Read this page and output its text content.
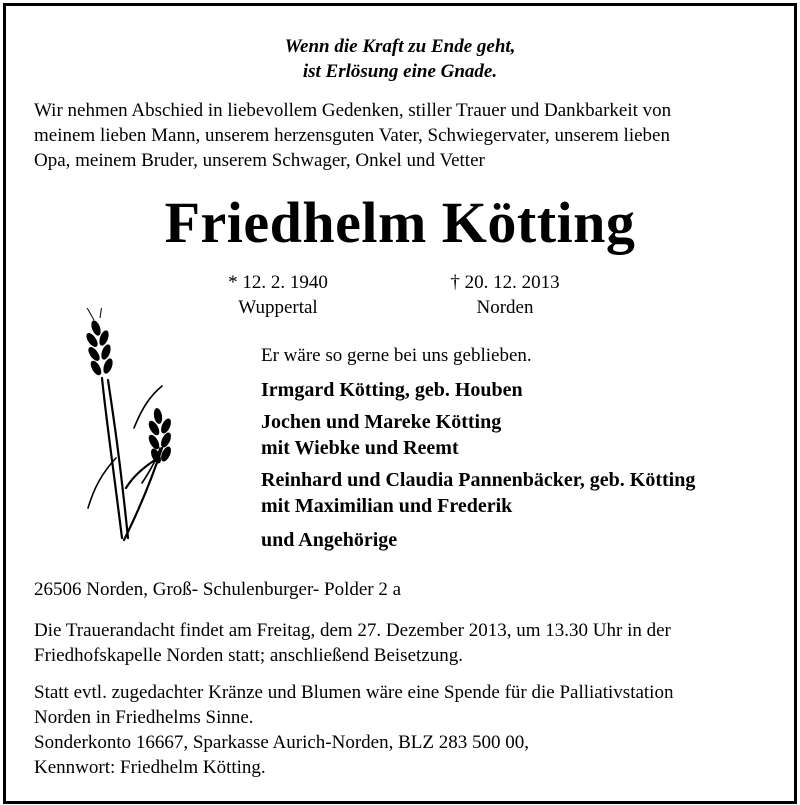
Wenn die Kraft zu Ende geht,
ist Erlösung eine Gnade.
Wir nehmen Abschied in liebevollem Gedenken, stiller Trauer und Dankbarkeit von
meinem lieben Mann, unserem herzensguten Vater, Schwiegervater, unserem lieben
Opa, meinem Bruder, unserem Schwager, Onkel und Vetter
Friedhelm Kötting
* 12. 2. 1940
Wuppertal
† 20. 12. 2013
Norden
Er wäre so gerne bei uns geblieben.
Irmgard Kötting, geb. Houben
Jochen und Mareke Kötting
mit Wiebke und Reemt
Reinhard und Claudia Pannenbäcker, geb. Kötting
mit Maximilian und Frederik
und Angehörige
26506 Norden, Groß- Schulenburger- Polder 2 a
Die Trauerandacht findet am Freitag, dem 27. Dezember 2013, um 13.30 Uhr in der
Friedhofskapelle Norden statt; anschließend Beisetzung.
Statt evtl. zugedachter Kränze und Blumen wäre eine Spende für die Palliativstation
Norden in Friedhelms Sinne.
Sonderkonto 16667, Sparkasse Aurich-Norden, BLZ 283 500 00,
Kennwort: Friedhelm Kötting.
